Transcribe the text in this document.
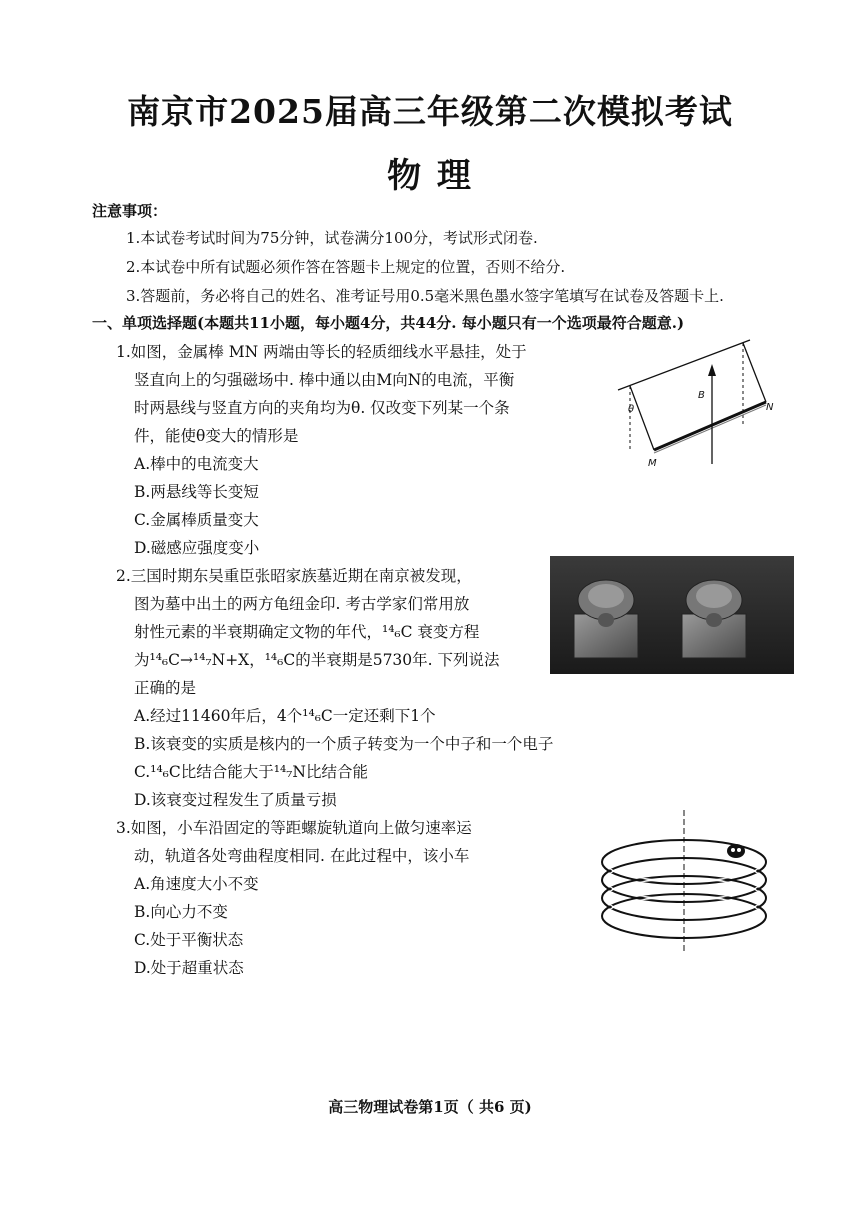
南京市2025届高三年级第二次模拟考试
物 理
注意事项：
1.本试卷考试时间为75分钟，试卷满分100分，考试形式闭卷.
2.本试卷中所有试题必须作答在答题卡上规定的位置，否则不给分.
3.答题前，务必将自己的姓名、准考证号用0.5毫米黑色墨水签字笔填写在试卷及答题卡上.
一、单项选择题(本题共11小题，每小题4分，共44分. 每小题只有一个选项最符合题意.)
1.如图，金属棒 MN 两端由等长的轻质细线水平悬挂，处于
竖直向上的匀强磁场中. 棒中通以由M向N的电流，平衡
时两悬线与竖直方向的夹角均为θ. 仅改变下列某一个条
件，能使θ变大的情形是
A.棒中的电流变大
B.两悬线等长变短
C.金属棒质量变大
D.磁感应强度变小
θ
B
N
M
2.三国时期东吴重臣张昭家族墓近期在南京被发现，
图为墓中出土的两方龟纽金印. 考古学家们常用放
射性元素的半衰期确定文物的年代，¹⁴₆C 衰变方程
为¹⁴₆C→¹⁴₇N+X，¹⁴₆C的半衰期是5730年. 下列说法
正确的是
A.经过11460年后，4个¹⁴₆C一定还剩下1个
B.该衰变的实质是核内的一个质子转变为一个中子和一个电子
C.¹⁴₆C比结合能大于¹⁴₇N比结合能
D.该衰变过程发生了质量亏损
3.如图，小车沿固定的等距螺旋轨道向上做匀速率运
动，轨道各处弯曲程度相同. 在此过程中，该小车
A.角速度大小不变
B.向心力不变
C.处于平衡状态
D.处于超重状态
高三物理试卷第1页（ 共6 页)
